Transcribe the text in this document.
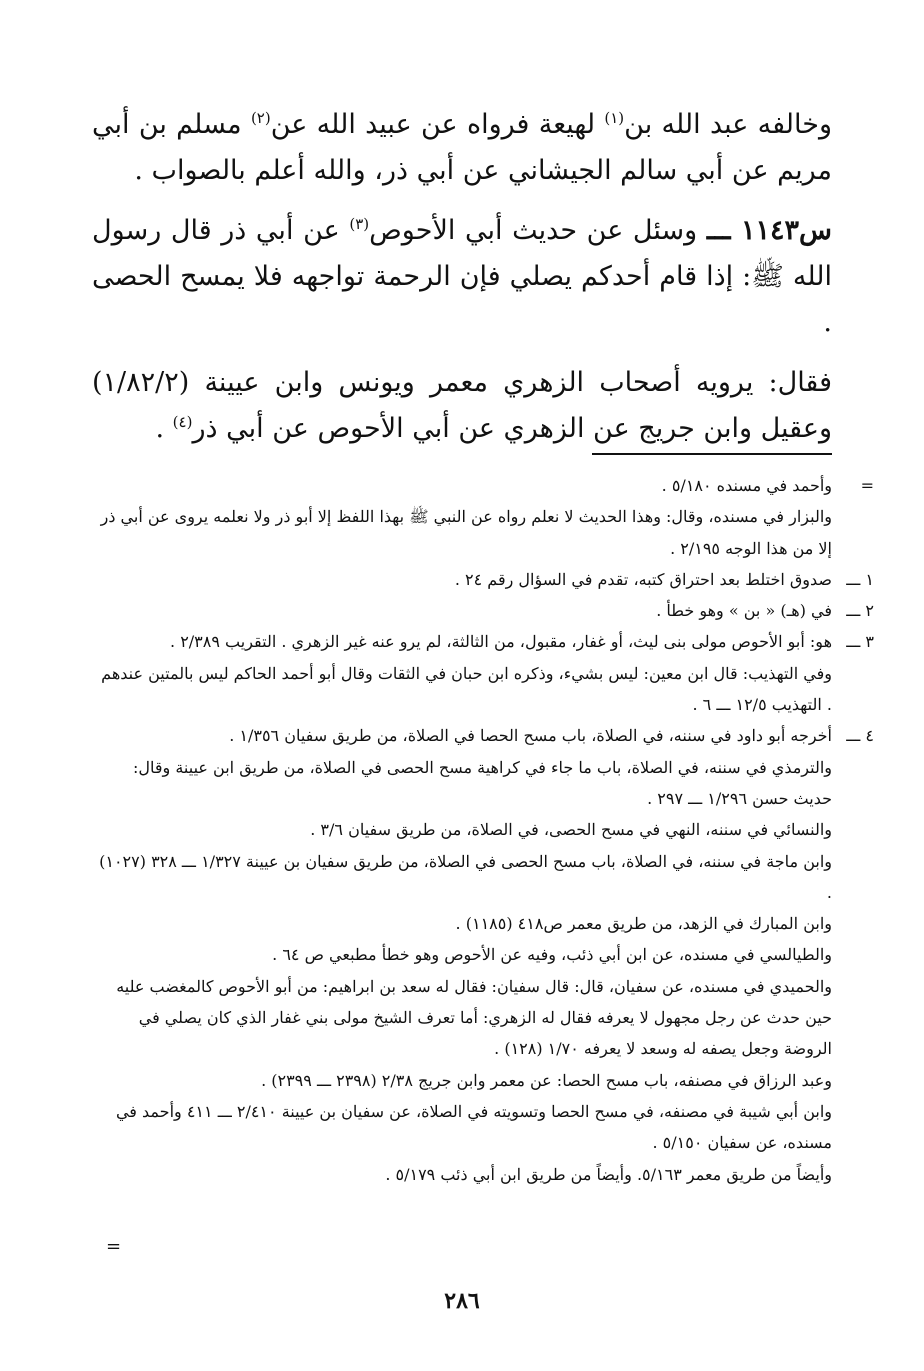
وخالفه عبد الله بن$^{(١)}$ لهيعة فرواه عن عبيد الله عن$^{(٢)}$ مسلم بن أبي مريم عن أبي سالم الجيشاني عن أبي ذر، والله أعلم بالصواب .

س١١٤٣ ـــ وسئل عن حديث أبي الأحوص$^{(٣)}$ عن أبي ذر قال رسول الله ﷺ: إذا قام أحدكم يصلي فإن الرحمة تواجهه فلا يمسح الحصى .

فقال: يرويه أصحاب الزهري معمر ويونس وابن عيينة (١/٨٢/٢) وعقيل وابن جريج عن الزهري عن أبي الأحوص عن أبي ذر$^{(٤)}$ .

=
وأحمد في مسنده ٥/١٨٠ .
والبزار في مسنده، وقال: وهذا الحديث لا نعلم رواه عن النبي ﷺ بهذا اللفظ إلا أبو ذر ولا نعلمه يروى عن أبي ذر إلا من هذا الوجه ٢/١٩٥ .
١ ـــ
صدوق اختلط بعد احتراق كتبه، تقدم في السؤال رقم ٢٤ .
٢ ـــ
في (هـ) « بن » وهو خطأ .
٣ ـــ
هو: أبو الأحوص مولى بنى ليث، أو غفار، مقبول، من الثالثة، لم يرو عنه غير الزهري . التقريب ٢/٣٨٩ .
وفي التهذيب: قال ابن معين: ليس بشيء، وذكره ابن حبان في الثقات وقال أبو أحمد الحاكم ليس بالمتين عندهم . التهذيب ١٢/٥ ـــ ٦ .
٤ ـــ
أخرجه أبو داود في سننه، في الصلاة، باب مسح الحصا في الصلاة، من طريق سفيان ١/٣٥٦ .
والترمذي في سننه، في الصلاة، باب ما جاء في كراهية مسح الحصى في الصلاة، من طريق ابن عيينة وقال: حديث حسن ١/٢٩٦ ـــ ٢٩٧ .
والنسائي في سننه، النهي في مسح الحصى، في الصلاة، من طريق سفيان ٣/٦ .
وابن ماجة في سننه، في الصلاة، باب مسح الحصى في الصلاة، من طريق سفيان بن عيينة ١/٣٢٧ ـــ ٣٢٨ (١٠٢٧) .
وابن المبارك في الزهد، من طريق معمر ص٤١٨ (١١٨٥) .
والطيالسي في مسنده، عن ابن أبي ذئب، وفيه عن الأحوص وهو خطأ مطبعي ص ٦٤ .
والحميدي في مسنده، عن سفيان، قال: قال سفيان: فقال له سعد بن ابراهيم: من أبو الأحوص كالمغضب عليه حين حدث عن رجل مجهول لا يعرفه فقال له الزهري: أما تعرف الشيخ مولى بني غفار الذي كان يصلي في الروضة وجعل يصفه له وسعد لا يعرفه ١/٧٠ (١٢٨) .
وعبد الرزاق في مصنفه، باب مسح الحصا: عن معمر وابن جريج ٢/٣٨ (٢٣٩٨ ـــ ٢٣٩٩) .
وابن أبي شيبة في مصنفه، في مسح الحصا وتسويته في الصلاة، عن سفيان بن عيينة ٢/٤١٠ ـــ ٤١١ وأحمد في مسنده، عن سفيان ٥/١٥٠ .
وأيضاً من طريق معمر ٥/١٦٣. وأيضاً من طريق ابن أبي ذئب ٥/١٧٩ .
=
٢٨٦
